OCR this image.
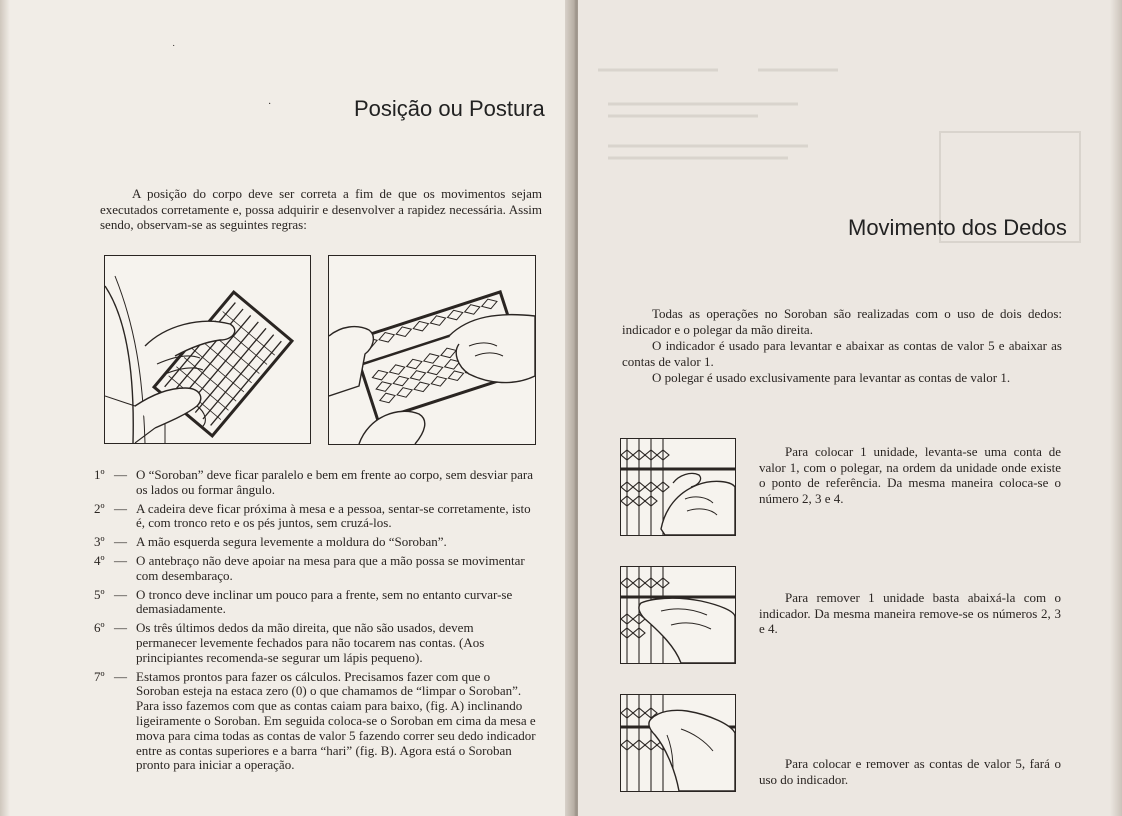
˙
·	Posição ou Postura

A posição do corpo deve ser correta a fim de que os movimentos sejam executados corretamente e, possa adquirir e desenvolver a rapidez necessária. Assim sendo, observam-se as seguintes regras:

1º — O “Soroban” deve ficar paralelo e bem em frente ao corpo, sem desviar para os lados ou formar ângulo.
2º — A cadeira deve ficar próxima à mesa e a pessoa, sentar-se corretamente, isto é, com tronco reto e os pés juntos, sem cruzá-los.
3º — A mão esquerda segura levemente a moldura do “Soroban”.
4º — O antebraço não deve apoiar na mesa para que a mão possa se movimentar com desembaraço.
5º — O tronco deve inclinar um pouco para a frente, sem no entanto curvar-se demasiadamente.
6º — Os três últimos dedos da mão direita, que não são usados, devem permanecer levemente fechados para não tocarem nas contas. (Aos principiantes recomenda-se segurar um lápis pequeno).
7º — Estamos prontos para fazer os cálculos. Precisamos fazer com que o Soroban esteja na estaca zero (0) o que chamamos de “limpar o Soroban”. Para isso fazemos com que as contas caiam para baixo, (fig. A) inclinando ligeiramente o Soroban. Em seguida coloca-se o Soroban em cima da mesa e mova para cima todas as contas de valor 5 fazendo correr seu dedo indicador entre as contas superiores e a barra “hari” (fig. B). Agora está o Soroban pronto para iniciar a operação.
Movimento dos Dedos

Todas as operações no Soroban são realizadas com o uso de dois dedos: indicador e o polegar da mão direita.

O indicador é usado para levantar e abaixar as contas de valor 5 e abaixar as contas de valor 1.

O polegar é usado exclusivamente para levantar as contas de valor 1.

Para colocar 1 unidade, levanta-se uma conta de valor 1, com o polegar, na ordem da unidade onde existe o ponto de referência. Da mesma maneira coloca-se o número 2, 3 e 4.

Para remover 1 unidade basta abaixá-la com o indicador. Da mesma maneira remove-se os números 2, 3 e 4.

Para colocar e remover as contas de valor 5, fará o uso do indicador.
